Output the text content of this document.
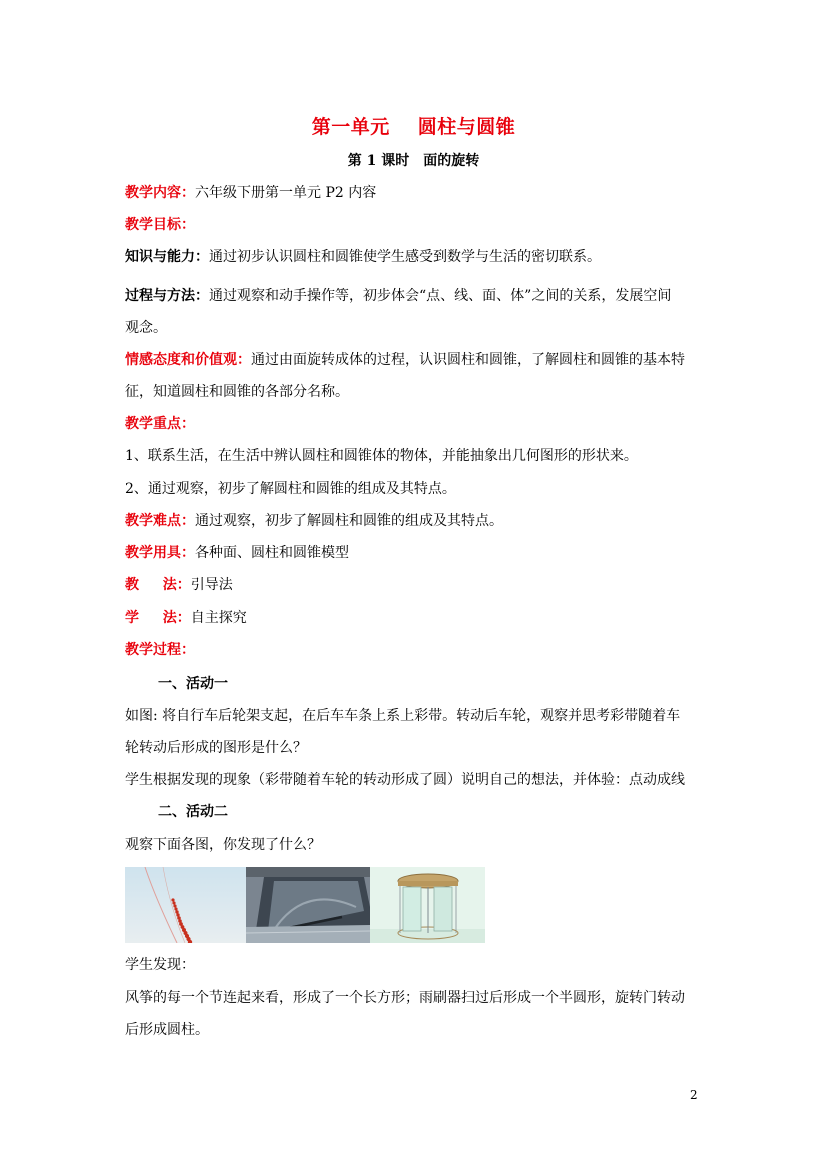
第一单元 圆柱与圆锥
第 1 课时 面的旋转
教学内容：六年级下册第一单元 P2 内容
教学目标：
知识与能力：通过初步认识圆柱和圆锥使学生感受到数学与生活的密切联系。
过程与方法：通过观察和动手操作等，初步体会“点、线、面、体”之间的关系，发展空间
观念。
情感态度和价值观：通过由面旋转成体的过程，认识圆柱和圆锥，了解圆柱和圆锥的基本特
征，知道圆柱和圆锥的各部分名称。
教学重点：
1、联系生活，在生活中辨认圆柱和圆锥体的物体，并能抽象出几何图形的形状来。
2、通过观察，初步了解圆柱和圆锥的组成及其特点。
教学难点：通过观察，初步了解圆柱和圆锥的组成及其特点。
教学用具：各种面、圆柱和圆锥模型
教　  法：引导法
学　  法：自主探究
教学过程：
一、活动一
如图: 将自行车后轮架支起，在后车车条上系上彩带。转动后车轮，观察并思考彩带随着车
轮转动后形成的图形是什么？
学生根据发现的现象（彩带随着车轮的转动形成了圆）说明自己的想法，并体验：点动成线
二、活动二
观察下面各图，你发现了什么？
学生发现：
风筝的每一个节连起来看，形成了一个长方形；雨刷器扫过后形成一个半圆形，旋转门转动
后形成圆柱。
2
